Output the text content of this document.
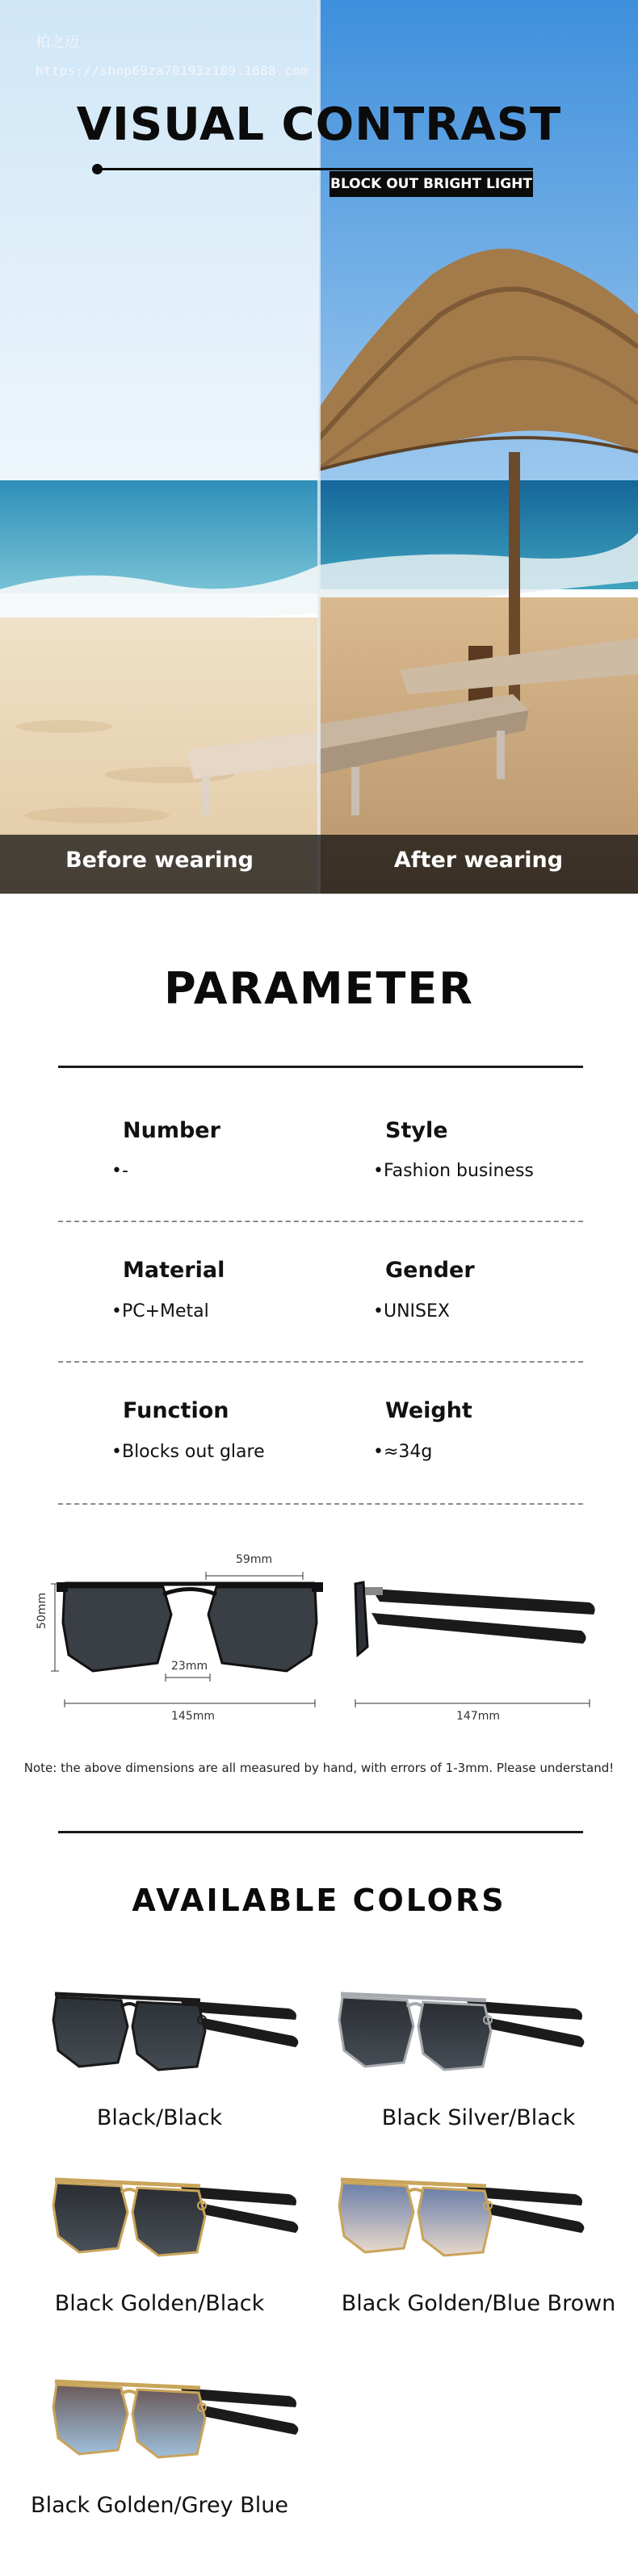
柏之迈
https://shop69za70193z189.1688.com
VISUAL CONTRAST
BLOCK OUT BRIGHT LIGHT
Before wearing	After wearing
PARAMETER
Number
•-
Style
•Fashion business
Material
•PC+Metal
Gender
•UNISEX
Function
•Blocks out glare
Weight
•≈34g
59mm
50mm
23mm
145mm	147mm
Note: the above dimensions are all measured by hand, with errors of 1-3mm. Please understand!
AVAILABLE COLORS
Black/Black	Black Silver/Black
Black Golden/Black	Black Golden/Blue Brown
Black Golden/Grey Blue
